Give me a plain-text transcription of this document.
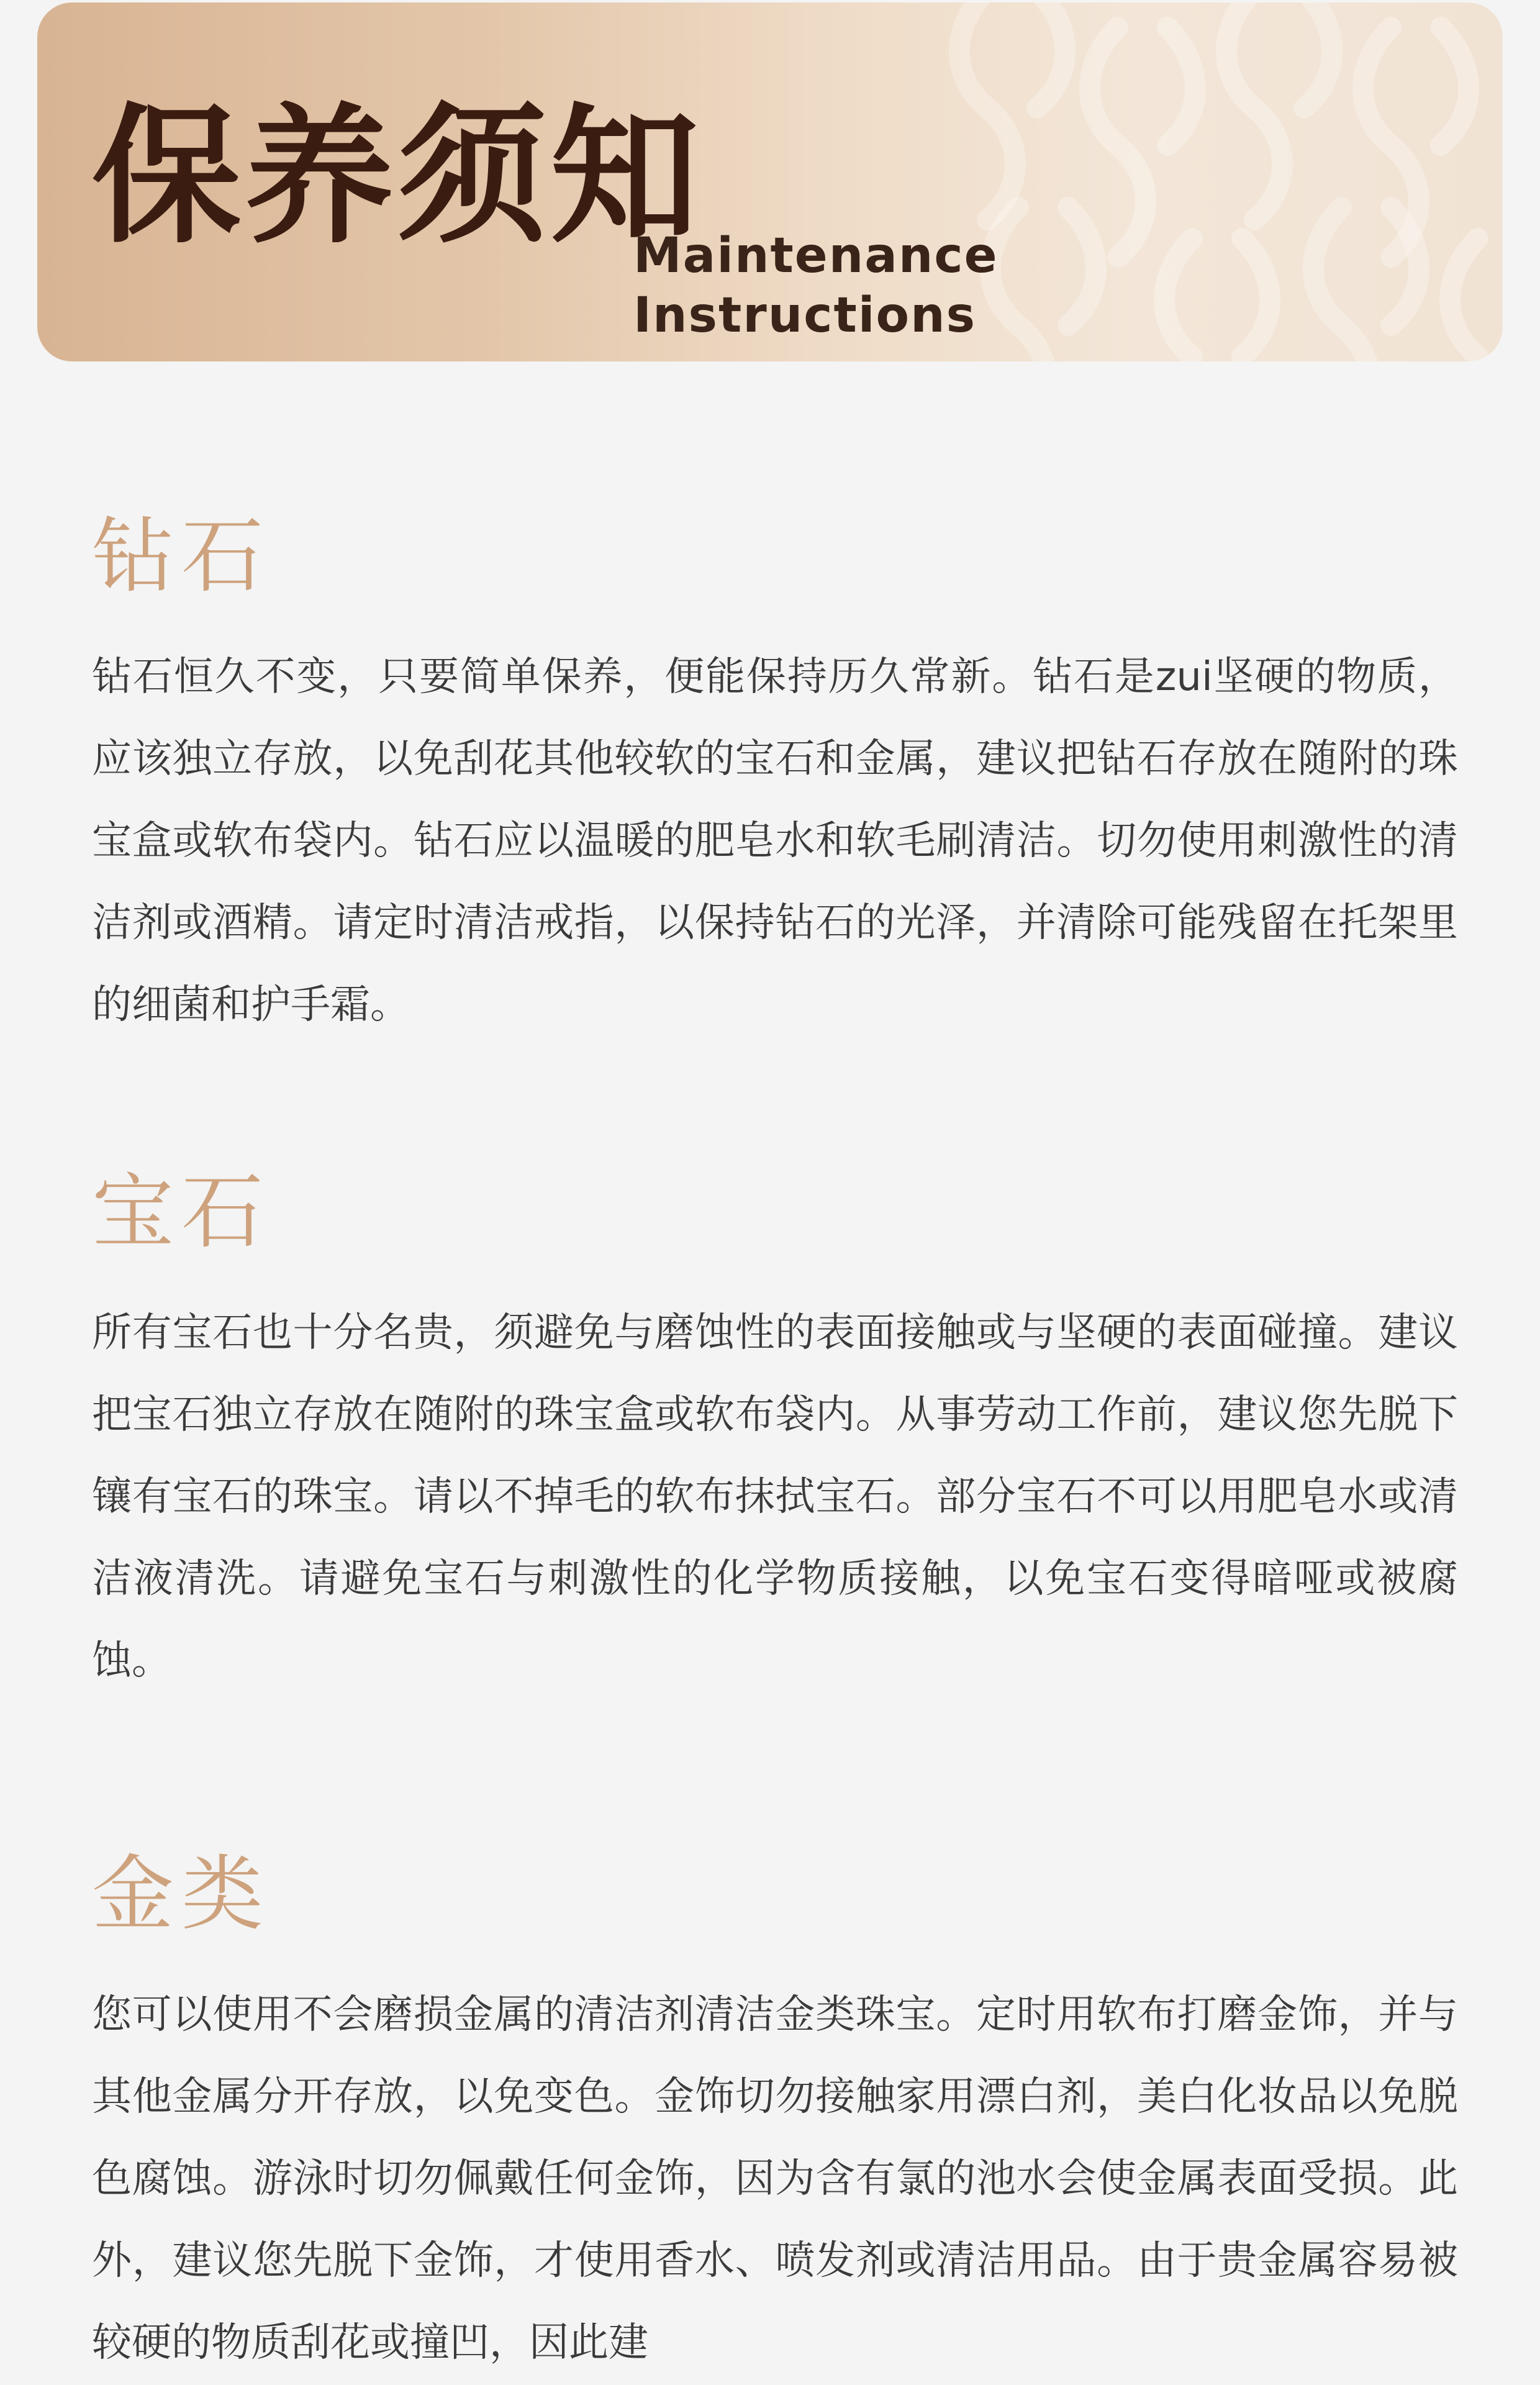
保养须知
Maintenance
Instructions
钻石

钻石恒久不变，只要简单保养，便能保持历久常新。钻石是zui坚硬的物质，应该独立存放，以免刮花其他较软的宝石和金属，建议把钻石存放在随附的珠宝盒或软布袋内。钻石应以温暖的肥皂水和软毛刷清洁。切勿使用刺激性的清洁剂或酒精。请定时清洁戒指，以保持钻石的光泽，并清除可能残留在托架里的细菌和护手霜。

宝石

所有宝石也十分名贵，须避免与磨蚀性的表面接触或与坚硬的表面碰撞。建议把宝石独立存放在随附的珠宝盒或软布袋内。从事劳动工作前，建议您先脱下镶有宝石的珠宝。请以不掉毛的软布抹拭宝石。部分宝石不可以用肥皂水或清洁液清洗。请避免宝石与刺激性的化学物质接触，以免宝石变得暗哑或被腐蚀。

金类

您可以使用不会磨损金属的清洁剂清洁金类珠宝。定时用软布打磨金饰，并与其他金属分开存放，以免变色。金饰切勿接触家用漂白剂，美白化妆品以免脱色腐蚀。游泳时切勿佩戴任何金饰，因为含有氯的池水会使金属表面受损。此外，建议您先脱下金饰，才使用香水、喷发剂或清洁用品。由于贵金属容易被较硬的物质刮花或撞凹，因此建
